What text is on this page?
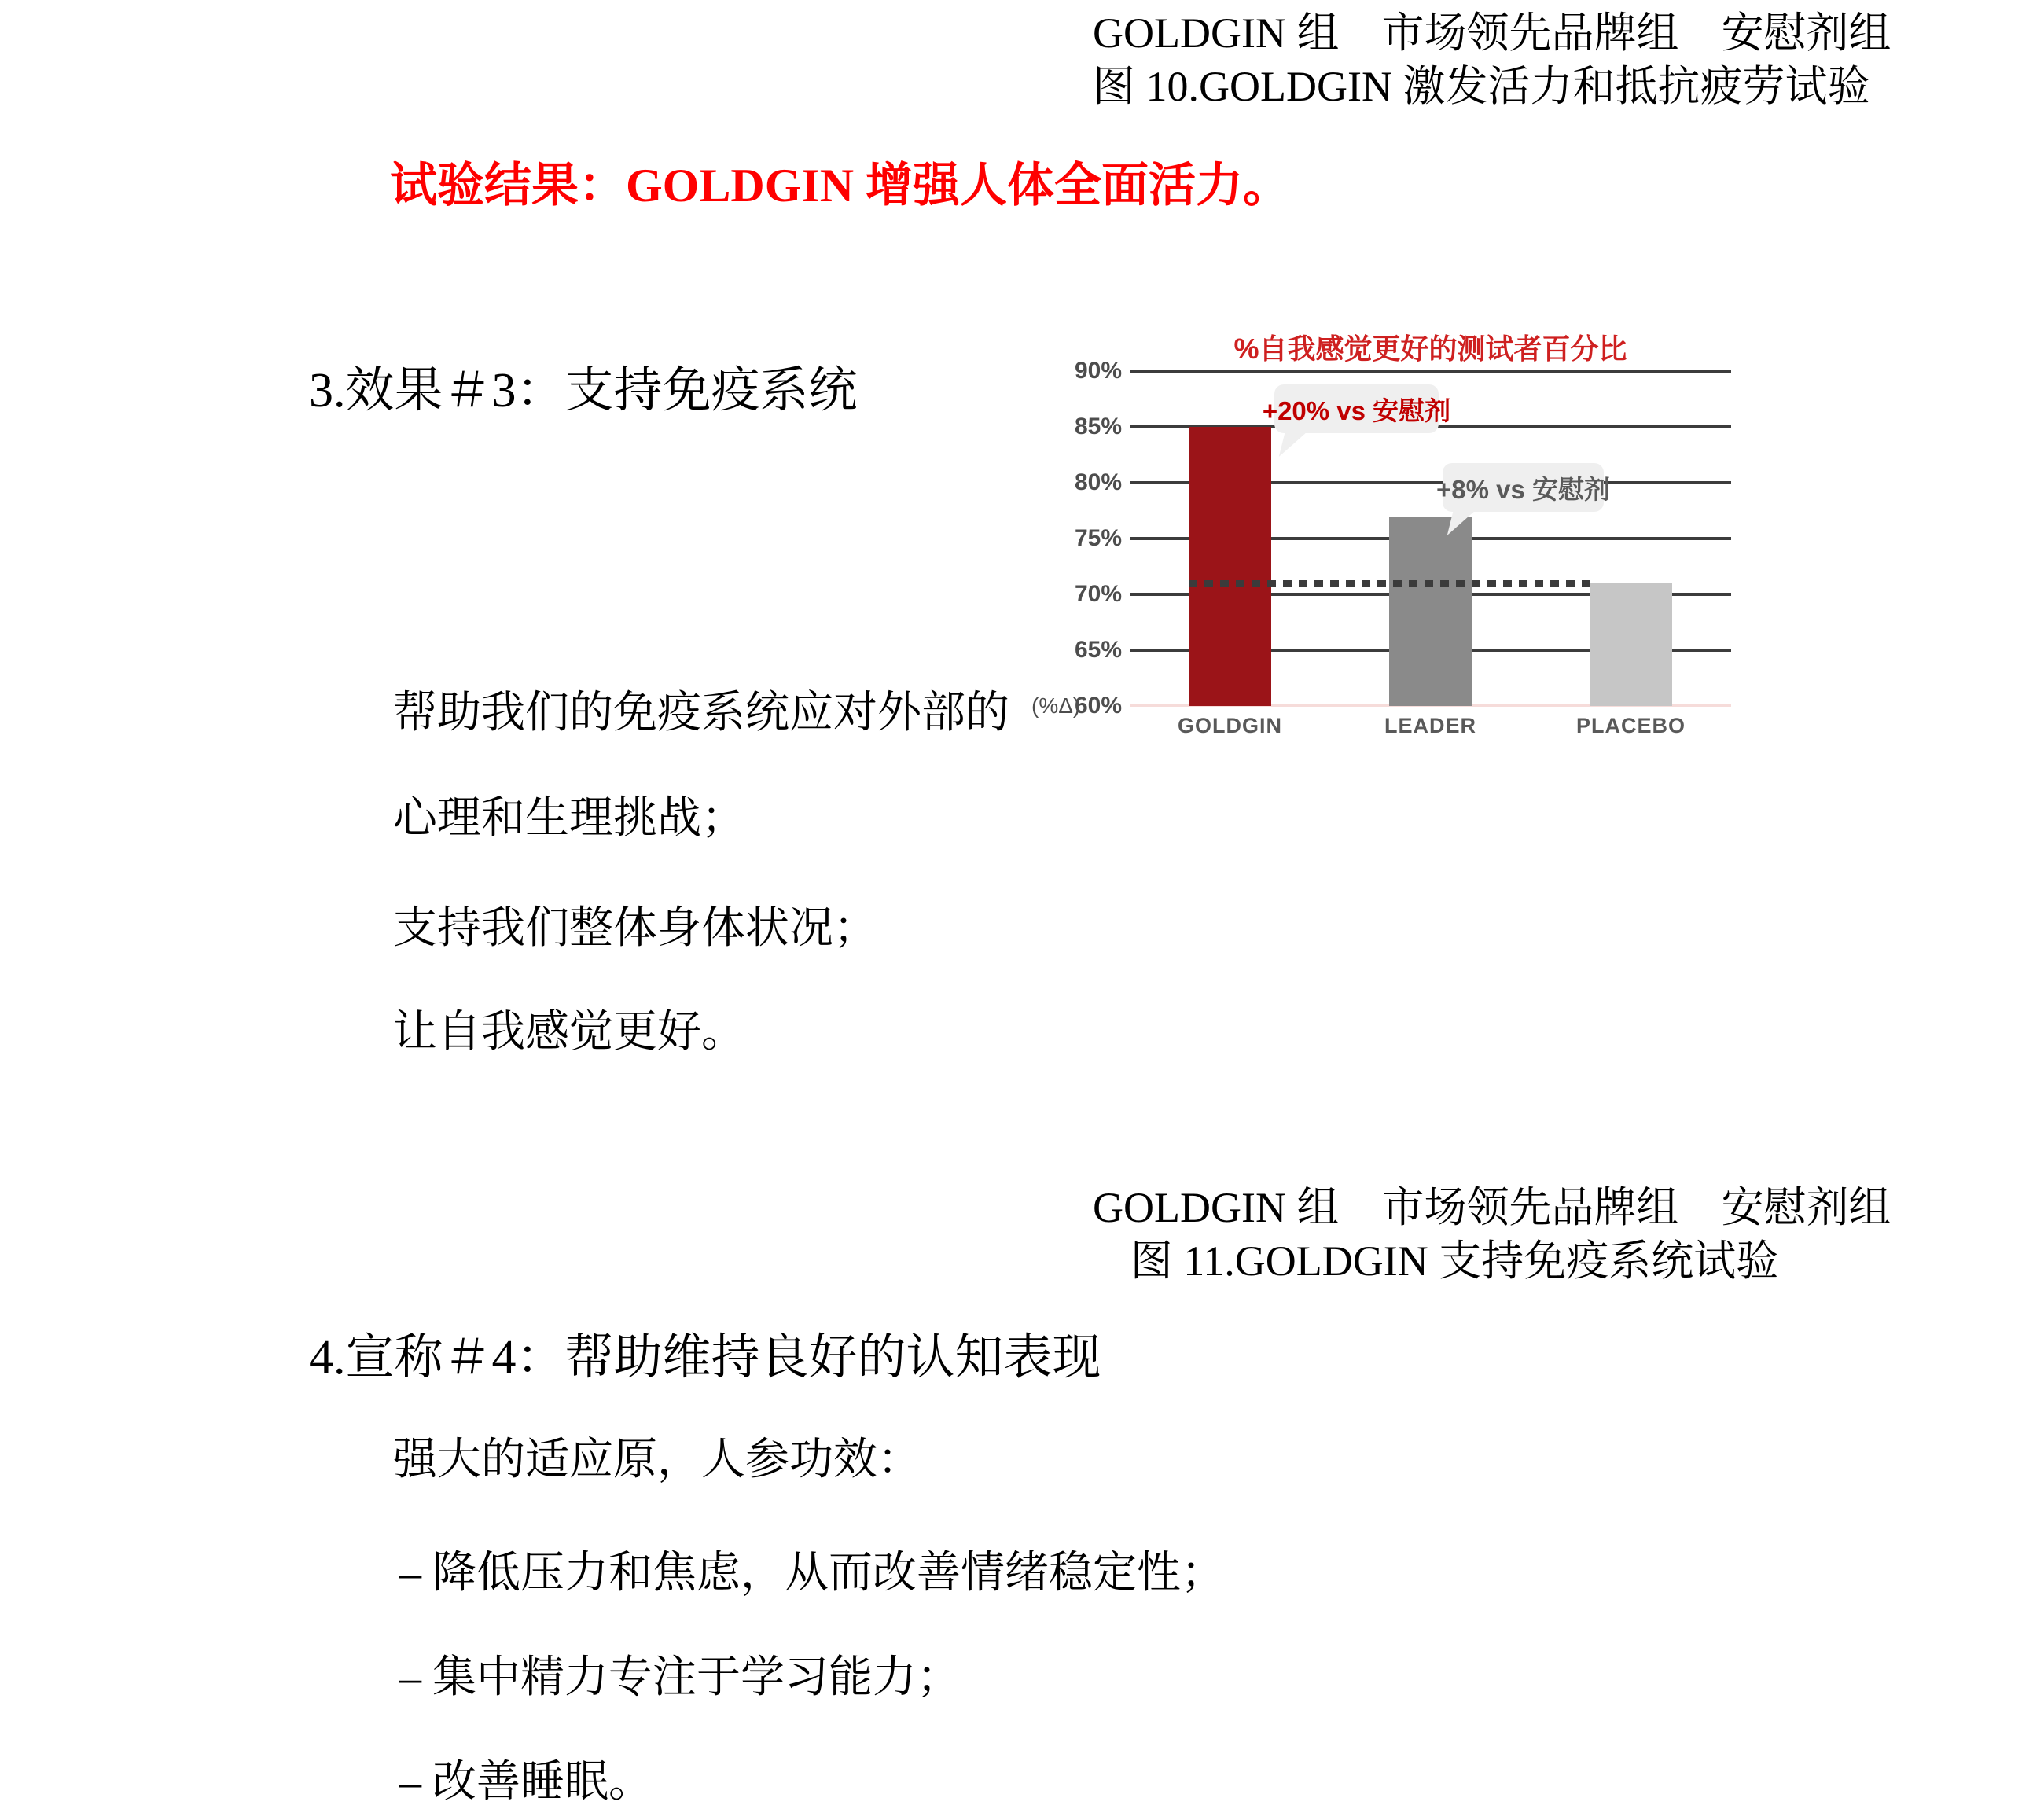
GOLDGIN 组　市场领先品牌组　安慰剂组
图 10.GOLDGIN 激发活力和抵抗疲劳试验
试验结果：GOLDGIN 增强人体全面活力。
3.效果＃3：支持免疫系统
帮助我们的免疫系统应对外部的
心理和生理挑战；
支持我们整体身体状况；
让自我感觉更好。
%自我感觉更好的测试者百分比
+20% vs 安慰剂
+8% vs 安慰剂
90%
85%
80%
75%
70%
65%
60%
(%Δ)
GOLDGIN	LEADER	PLACEBO
GOLDGIN 组　市场领先品牌组　安慰剂组
图 11.GOLDGIN 支持免疫系统试验
4.宣称＃4：帮助维持良好的认知表现
强大的适应原，人参功效：
– 降低压力和焦虑，从而改善情绪稳定性；
– 集中精力专注于学习能力；
– 改善睡眠。
